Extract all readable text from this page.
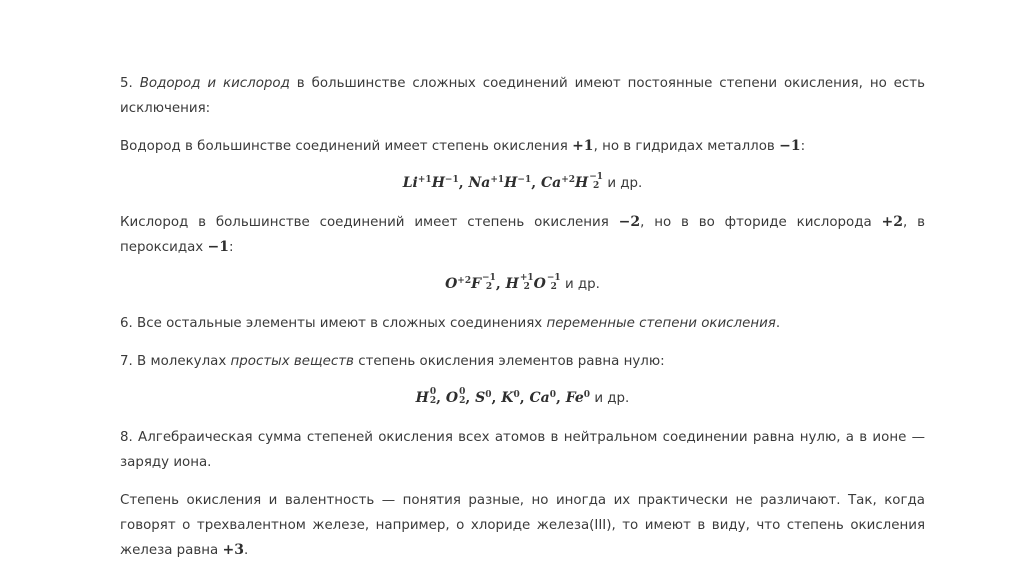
5. Водород и кислород в большинстве сложных соединений имеют постоянные степени окисления, но есть исключения:

Водород в большинстве соединений имеет степень окисления +1, но в гидридах металлов −1:

$Li^{+1}H^{-1}$, $Na^{+1}H^{-1}$, $Ca^{+2}H -1$
2 и др.

Кислород в большинстве соединений имеет степень окисления −2, но в во фториде кислорода +2, в пероксидах −1:

$O^{+2}F -1$
2 , H +1
2 O −1
2 и др.

6. Все остальные элементы имеют в сложных соединениях переменные степени окисления.

7. В молекулах простых веществ степень окисления элементов равна нулю:

H 0
2 , O 0
2 , $S^0$, $K^0$, Ca$^0$, Fe$^0$ и др.

8. Алгебраическая сумма степеней окисления всех атомов в нейтральном соединении равна нулю, а в ионе — заряду иона.

Степень окисления и валентность — понятия разные, но иногда их практически не различают. Так, когда говорят о трехвалентном железе, например, о хлориде железа(III), то имеют в виду, что степень окисления железа равна +3.
